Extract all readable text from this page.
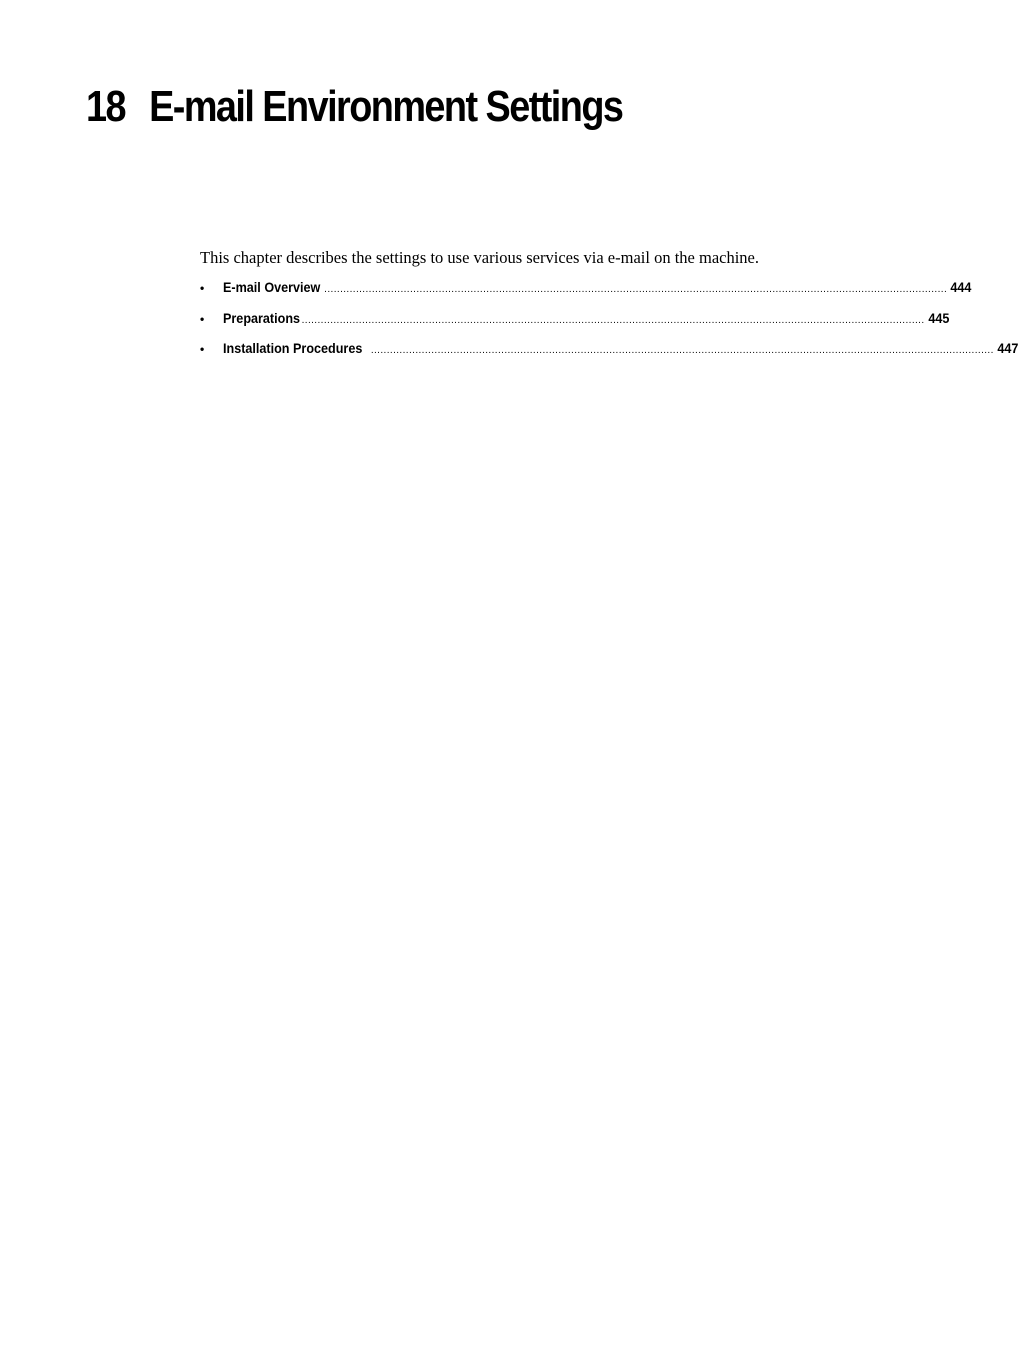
18 E-mail Environment Settings

This chapter describes the settings to use various services via e-mail on the machine.

•	E-mail Overview .................................................................................................................................................................................................... 444
•	Preparations .................................................................................................................................................................................................... 445
•	Installation Procedures .................................................................................................................................................................................................... 447
